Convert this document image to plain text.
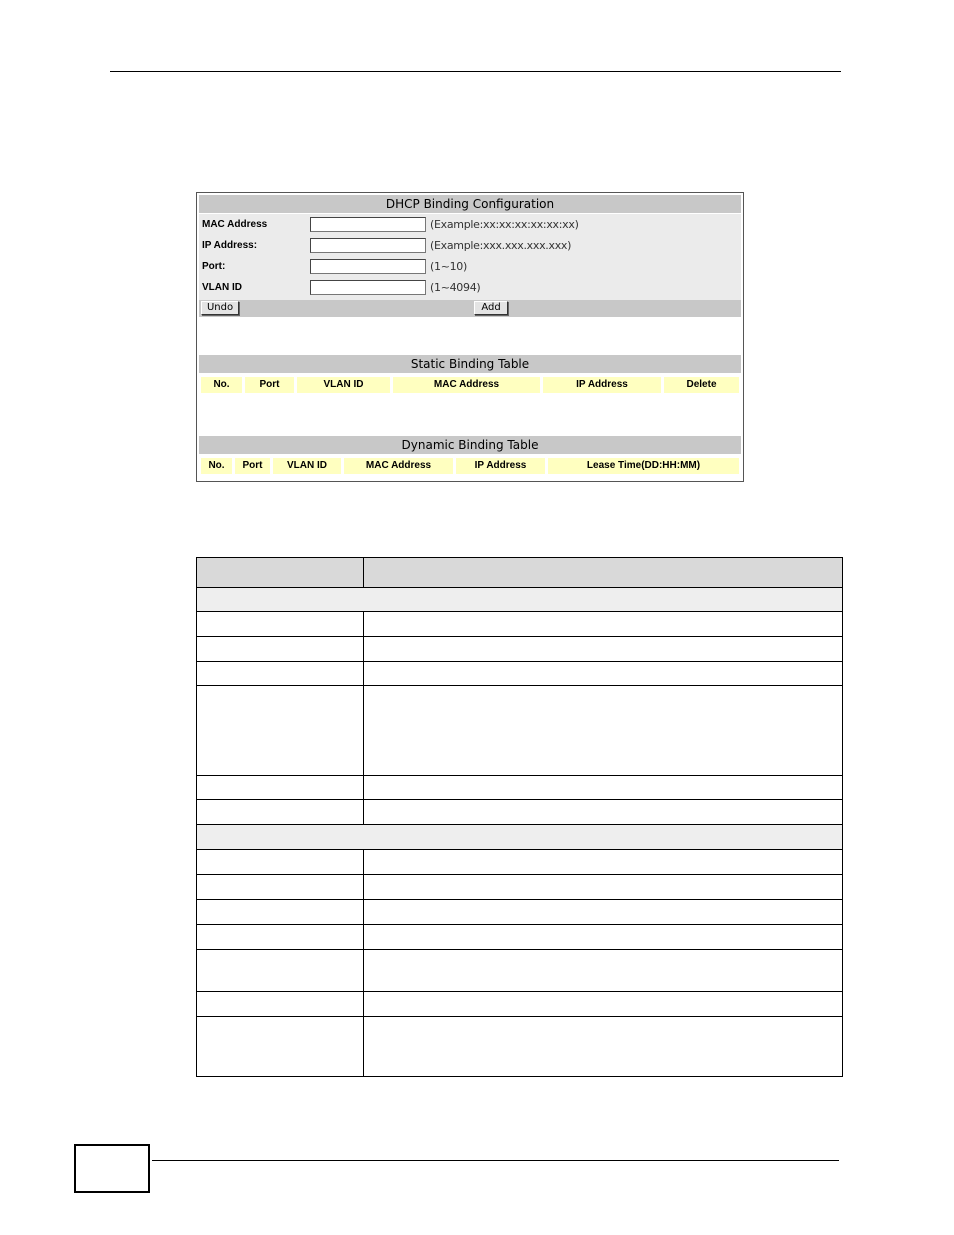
DHCP Binding Configuration
MAC Address	(Example:xx:xx:xx:xx:xx:xx)
IP Address:	(Example:xxx.xxx.xxx.xxx)
Port:	(1~10)
VLAN ID	(1~4094)
Undo	Add
Static Binding Table
No.	Port	VLAN ID	MAC Address	IP Address	Delete
Dynamic Binding Table
No.	Port	VLAN ID	MAC Address	IP Address	Lease Time(DD:HH:MM)
